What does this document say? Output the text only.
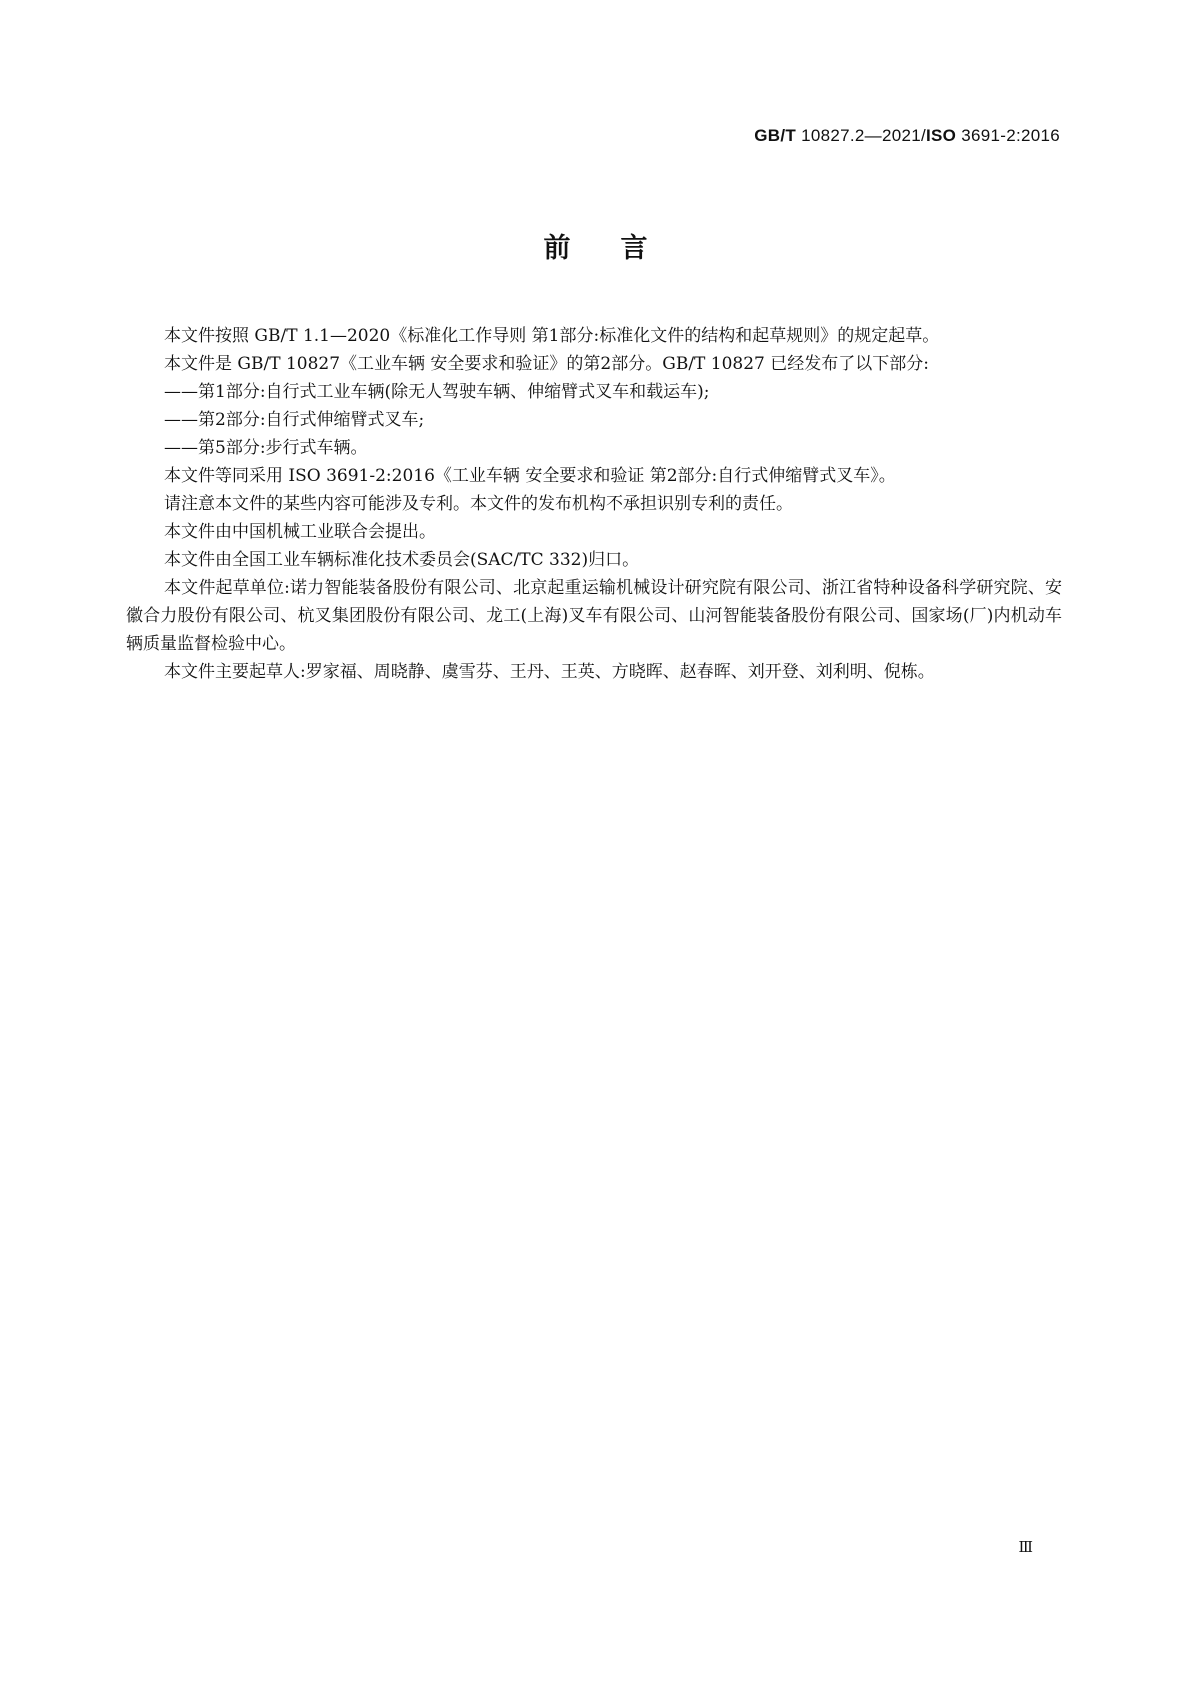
GB/T 10827.2—2021/ISO 3691-2:2016
前言

本文件按照 GB/T 1.1—2020《标准化工作导则 第1部分:标准化文件的结构和起草规则》的规定起草。

本文件是 GB/T 10827《工业车辆 安全要求和验证》的第2部分。GB/T 10827 已经发布了以下部分:

——第1部分:自行式工业车辆(除无人驾驶车辆、伸缩臂式叉车和载运车);

——第2部分:自行式伸缩臂式叉车;

——第5部分:步行式车辆。

本文件等同采用 ISO 3691-2:2016《工业车辆 安全要求和验证 第2部分:自行式伸缩臂式叉车》。

请注意本文件的某些内容可能涉及专利。本文件的发布机构不承担识别专利的责任。

本文件由中国机械工业联合会提出。

本文件由全国工业车辆标准化技术委员会(SAC/TC 332)归口。

本文件起草单位:诺力智能装备股份有限公司、北京起重运输机械设计研究院有限公司、浙江省特种设备科学研究院、安徽合力股份有限公司、杭叉集团股份有限公司、龙工(上海)叉车有限公司、山河智能装备股份有限公司、国家场(厂)内机动车辆质量监督检验中心。

本文件主要起草人:罗家福、周晓静、虞雪芬、王丹、王英、方晓晖、赵春晖、刘开登、刘利明、倪栋。

Ⅲ
